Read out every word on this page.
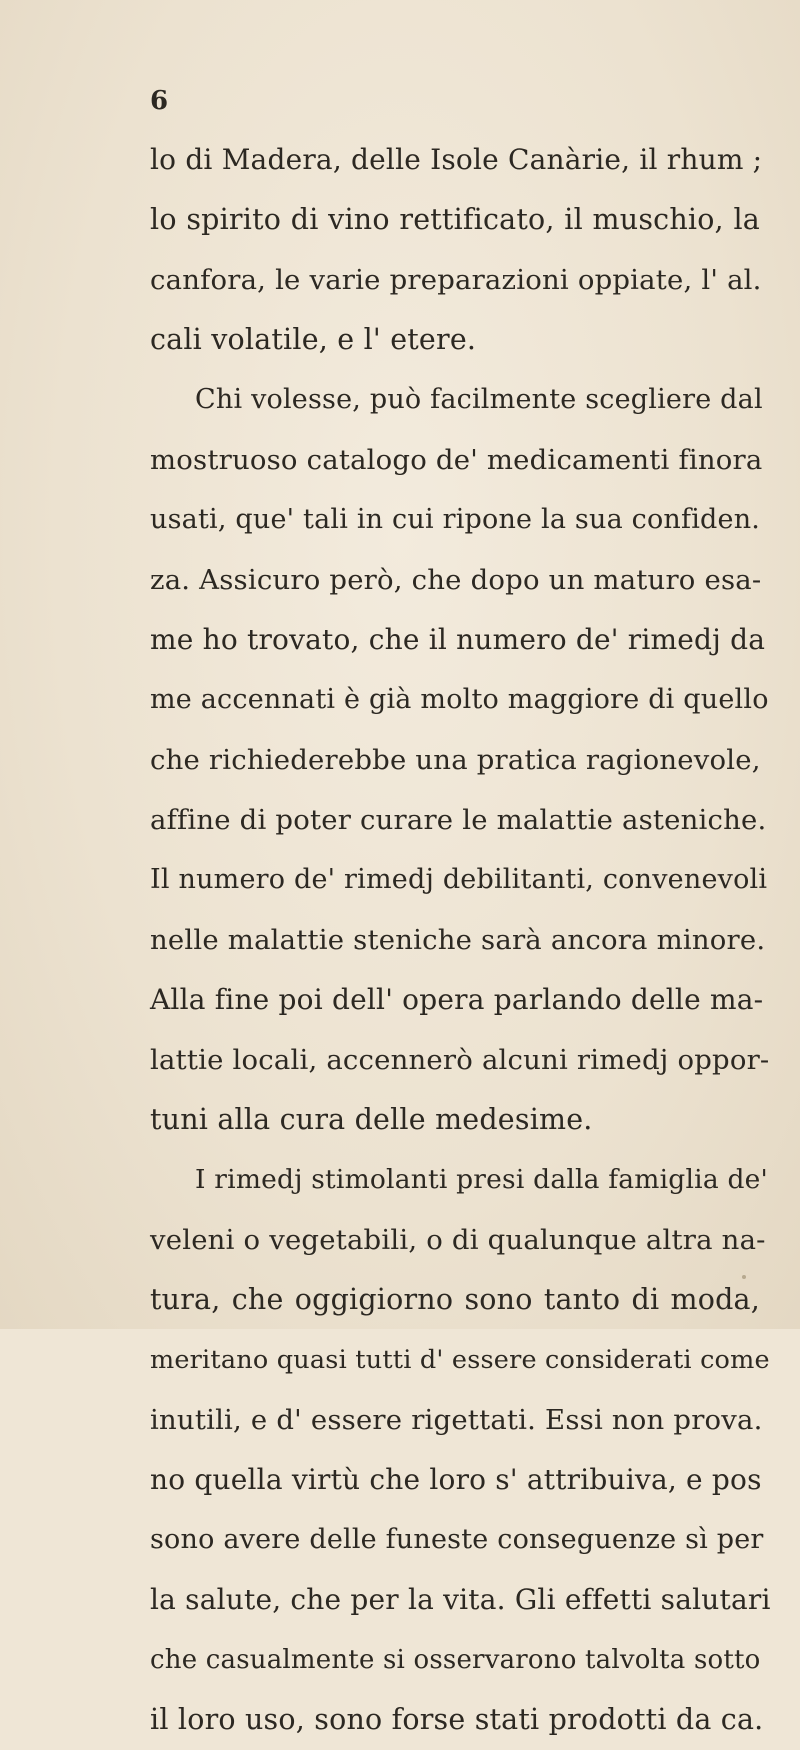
6
lo di Madera, delle Isole Canàrie, il rhum ;
lo spirito di vino rettificato, il muschio, la
canfora, le varie preparazioni oppiate, l' al.
cali volatile, e l' etere.
Chi volesse, può facilmente scegliere dal
mostruoso catalogo de' medicamenti finora
usati, que' tali in cui ripone la sua confiden.
za. Assicuro però, che dopo un maturo esa-
me ho trovato, che il numero de' rimedj da
me accennati è già molto maggiore di quello
che richiederebbe una pratica ragionevole,
affine di poter curare le malattie asteniche.
Il numero de' rimedj debilitanti, convenevoli
nelle malattie steniche sarà ancora minore.
Alla fine poi dell' opera parlando delle ma-
lattie locali, accennerò alcuni rimedj oppor-
tuni alla cura delle medesime.
I rimedj stimolanti presi dalla famiglia de'
veleni o vegetabili, o di qualunque altra na-
tura, che oggigiorno sono tanto di moda,
meritano quasi tutti d' essere considerati come
inutili, e d' essere rigettati. Essi non prova.
no quella virtù che loro s' attribuiva, e pos
sono avere delle funeste conseguenze sì per
la salute, che per la vita. Gli effetti salutari
che casualmente si osservarono talvolta sotto
il loro uso, sono forse stati prodotti da ca.
